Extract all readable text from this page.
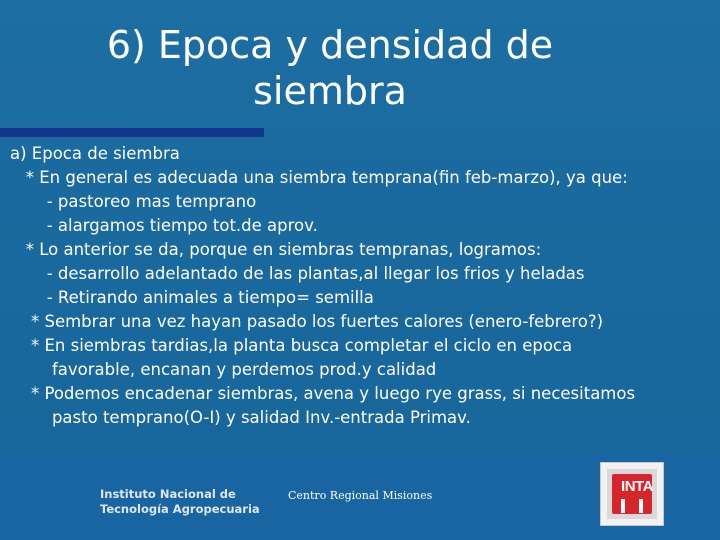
6) Epoca y densidad de
siembra
a) Epoca de siembra
* En general es adecuada una siembra temprana(fin feb-marzo), ya que:
- pastoreo mas temprano
- alargamos tiempo tot.de aprov.
* Lo anterior se da, porque en siembras tempranas, logramos:
- desarrollo adelantado de las plantas,al llegar los frios y heladas
- Retirando animales a tiempo= semilla
* Sembrar una vez hayan pasado los fuertes calores (enero-febrero?)
* En siembras tardias,la planta busca completar el ciclo en epoca
favorable, encanan y perdemos prod.y calidad
* Podemos encadenar siembras, avena y luego rye grass, si necesitamos
pasto temprano(O-I) y salidad Inv.-entrada Primav.
Instituto Nacional de
Tecnología Agropecuaria
Centro Regional Misiones
INTA
